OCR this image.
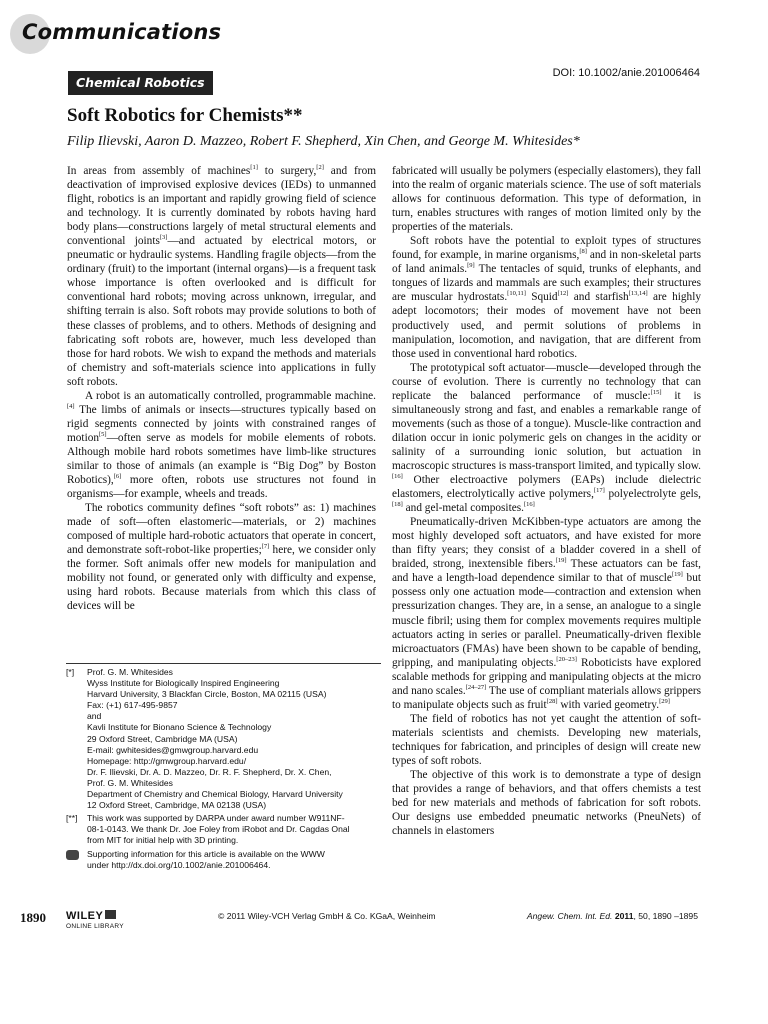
Communications
Chemical Robotics
DOI: 10.1002/anie.201006464
Soft Robotics for Chemists**
Filip Ilievski, Aaron D. Mazzeo, Robert F. Shepherd, Xin Chen, and George M. Whitesides*

In areas from assembly of machines[1] to surgery,[2] and from deactivation of improvised explosive devices (IEDs) to unmanned flight, robotics is an important and rapidly growing field of science and technology. It is currently dominated by robots having hard body plans—constructions largely of metal structural elements and conventional joints[3]—and actuated by electrical motors, or pneumatic or hydraulic systems. Handling fragile objects—from the ordinary (fruit) to the important (internal organs)—is a frequent task whose importance is often overlooked and is difficult for conventional hard robots; moving across unknown, irregular, and shifting terrain is also. Soft robots may provide solutions to both of these classes of problems, and to others. Methods of designing and fabricating soft robots are, however, much less developed than those for hard robots. We wish to expand the methods and materials of chemistry and soft-materials science into applications in fully soft robots.

A robot is an automatically controlled, programmable machine.[4] The limbs of animals or insects—structures typically based on rigid segments connected by joints with constrained ranges of motion[5]—often serve as models for mobile elements of robots. Although mobile hard robots sometimes have limb-like structures similar to those of animals (an example is “Big Dog” by Boston Robotics),[6] more often, robots use structures not found in organisms—for example, wheels and treads.

The robotics community defines “soft robots” as: 1) machines made of soft—often elastomeric—materials, or 2) machines composed of multiple hard-robotic actuators that operate in concert, and demonstrate soft-robot-like properties;[7] here, we consider only the former. Soft animals offer new models for manipulation and mobility not found, or generated only with difficulty and expense, using hard robots. Because materials from which this class of devices will be

fabricated will usually be polymers (especially elastomers), they fall into the realm of organic materials science. The use of soft materials allows for continuous deformation. This type of deformation, in turn, enables structures with ranges of motion limited only by the properties of the materials.

Soft robots have the potential to exploit types of structures found, for example, in marine organisms,[8] and in non-skeletal parts of land animals.[9] The tentacles of squid, trunks of elephants, and tongues of lizards and mammals are such examples; their structures are muscular hydrostats.[10,11] Squid[12] and starfish[13,14] are highly adept locomotors; their modes of movement have not been productively used, and permit solutions of problems in manipulation, locomotion, and navigation, that are different from those used in conventional hard robotics.

The prototypical soft actuator—muscle—developed through the course of evolution. There is currently no technology that can replicate the balanced performance of muscle:[15] it is simultaneously strong and fast, and enables a remarkable range of movements (such as those of a tongue). Muscle-like contraction and dilation occur in ionic polymeric gels on changes in the acidity or salinity of a surrounding ionic solution, but actuation in macroscopic structures is mass-transport limited, and typically slow.[16] Other electroactive polymers (EAPs) include dielectric elastomers, electrolytically active polymers,[17] polyelectrolyte gels,[18] and gel-metal composites.[16]

Pneumatically-driven McKibben-type actuators are among the most highly developed soft actuators, and have existed for more than fifty years; they consist of a bladder covered in a shell of braided, strong, inextensible fibers.[19] These actuators can be fast, and have a length-load dependence similar to that of muscle[19] but possess only one actuation mode—contraction and extension when pressurization changes. They are, in a sense, an analogue to a single muscle fibril; using them for complex movements requires multiple actuators acting in series or parallel. Pneumatically-driven flexible microactuators (FMAs) have been shown to be capable of bending, gripping, and manipulating objects.[20–23] Roboticists have explored scalable methods for gripping and manipulating objects at the micro and nano scales.[24–27] The use of compliant materials allows grippers to manipulate objects such as fruit[28] with varied geometry.[29]

The field of robotics has not yet caught the attention of soft-materials scientists and chemists. Developing new materials, techniques for fabrication, and principles of design will create new types of soft robots.

The objective of this work is to demonstrate a type of design that provides a range of behaviors, and that offers chemists a test bed for new materials and methods of fabrication for soft robots. Our designs use embedded pneumatic networks (PneuNets) of channels in elastomers

[*]	Prof. G. M. Whitesides
Wyss Institute for Biologically Inspired Engineering
Harvard University, 3 Blackfan Circle, Boston, MA 02115 (USA)
Fax: (+1) 617-495-9857
and
Kavli Institute for Bionano Science & Technology
29 Oxford Street, Cambridge MA (USA)
E-mail: gwhitesides@gmwgroup.harvard.edu
Homepage: http://gmwgroup.harvard.edu/
Dr. F. Ilievski, Dr. A. D. Mazzeo, Dr. R. F. Shepherd, Dr. X. Chen,
Prof. G. M. Whitesides
Department of Chemistry and Chemical Biology, Harvard University
12 Oxford Street, Cambridge, MA 02138 (USA)
[**]	This work was supported by DARPA under award number W911NF-
08-1-0143. We thank Dr. Joe Foley from iRobot and Dr. Cagdas Onal
from MIT for initial help with 3D printing.
Supporting information for this article is available on the WWW
under http://dx.doi.org/10.1002/anie.201006464.
1890 WILEY
ONLINE LIBRARY
© 2011 Wiley-VCH Verlag GmbH & Co. KGaA, Weinheim	Angew. Chem. Int. Ed. 2011, 50, 1890 –1895
